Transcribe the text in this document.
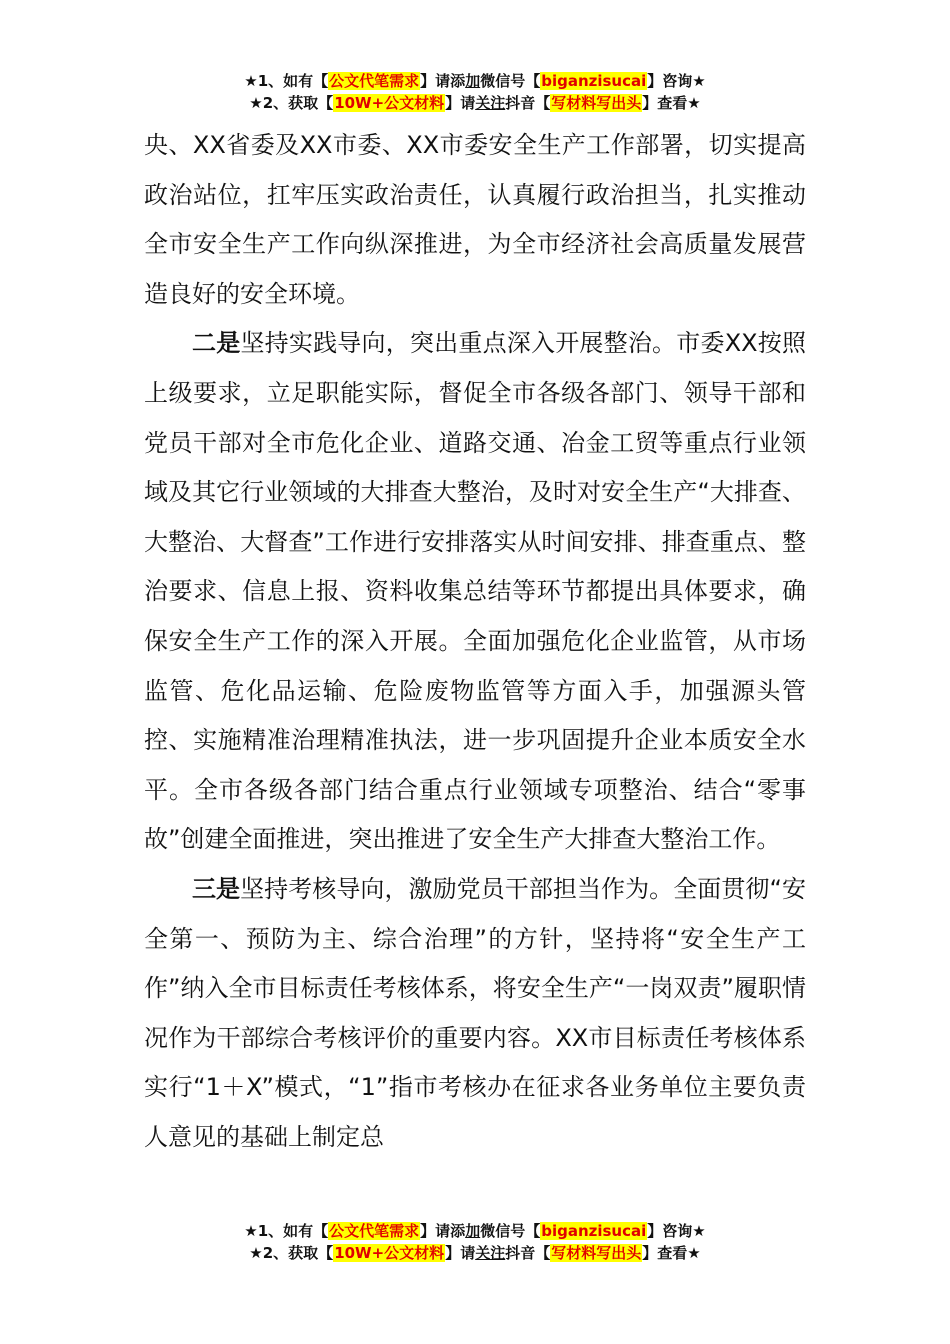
★1、如有【公文代笔需求】请添加微信号【biganzisucai】咨询★
★2、获取【10W+公文材料】请关注抖音【写材料写出头】查看★

央、XX省委及XX市委、XX市委安全生产工作部署，切实提高政治站位，扛牢压实政治责任，认真履行政治担当，扎实推动全市安全生产工作向纵深推进，为全市经济社会高质量发展营造良好的安全环境。

二是坚持实践导向，突出重点深入开展整治。市委XX按照上级要求，立足职能实际，督促全市各级各部门、领导干部和党员干部对全市危化企业、道路交通、冶金工贸等重点行业领域及其它行业领域的大排查大整治，及时对安全生产“大排查、大整治、大督查”工作进行安排落实从时间安排、排查重点、整治要求、信息上报、资料收集总结等环节都提出具体要求，确保安全生产工作的深入开展。全面加强危化企业监管，从市场监管、危化品运输、危险废物监管等方面入手，加强源头管控、实施精准治理精准执法，进一步巩固提升企业本质安全水平。全市各级各部门结合重点行业领域专项整治、结合“零事故”创建全面推进，突出推进了安全生产大排查大整治工作。

三是坚持考核导向，激励党员干部担当作为。全面贯彻“安全第一、预防为主、综合治理”的方针，坚持将“安全生产工作”纳入全市目标责任考核体系，将安全生产“一岗双责”履职情况作为干部综合考核评价的重要内容。XX市目标责任考核体系实行“1＋X”模式，“1”指市考核办在征求各业务单位主要负责人意见的基础上制定总

★1、如有【公文代笔需求】请添加微信号【biganzisucai】咨询★
★2、获取【10W+公文材料】请关注抖音【写材料写出头】查看★
